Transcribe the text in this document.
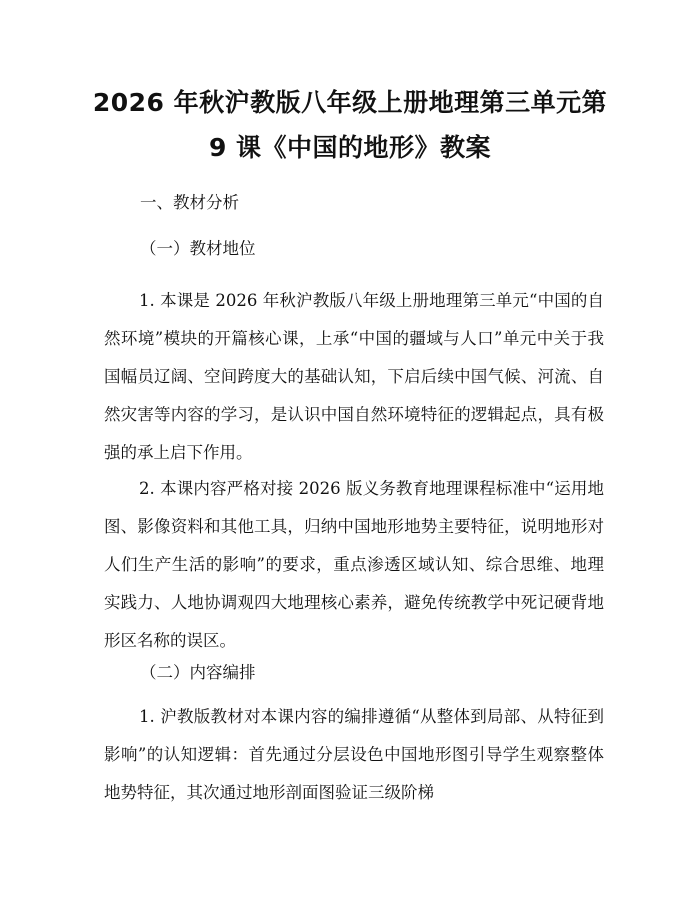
2026 年秋沪教版八年级上册地理第三单元第
9 课《中国的地形》教案
一、教材分析
（一）教材地位
1. 本课是 2026 年秋沪教版八年级上册地理第三单元“中国的自然环境”模块的开篇核心课，上承“中国的疆域与人口”单元中关于我国幅员辽阔、空间跨度大的基础认知，下启后续中国气候、河流、自然灾害等内容的学习，是认识中国自然环境特征的逻辑起点，具有极强的承上启下作用。
2. 本课内容严格对接 2026 版义务教育地理课程标准中“运用地图、影像资料和其他工具，归纳中国地形地势主要特征，说明地形对人们生产生活的影响”的要求，重点渗透区域认知、综合思维、地理实践力、人地协调观四大地理核心素养，避免传统教学中死记硬背地形区名称的误区。
（二）内容编排
1. 沪教版教材对本课内容的编排遵循“从整体到局部、从特征到影响”的认知逻辑：首先通过分层设色中国地形图引导学生观察整体地势特征，其次通过地形剖面图验证三级阶梯
